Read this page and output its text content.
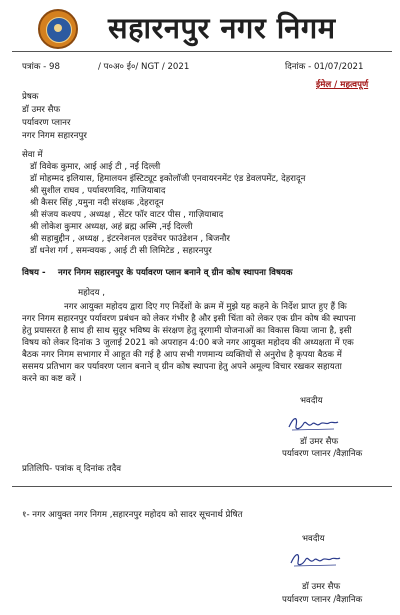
सहारनपुर नगर निगम
पत्रांक - 98	/ प०अ० ई०/ NGT / 2021	दिनांक - 01/07/2021
ईमेल / महत्वपूर्ण
प्रेषक
डॉ उमर सैफ
पर्यावरण प्लानर
नगर निगम सहारनपुर
सेवा में
डॉ विवेक कुमार, आई आई टी , नई दिल्ली
डॉ मोहम्मद इलियास, हिमालयन इंस्टिट्यूट इकोलॉजी एनवायरनमेंट एंड डेवलपमेंट, देहरादून
श्री सुशील राघव , पर्यावरणविद, गाजियाबाद
श्री कैसर सिंह ,यमुना नदी संरक्षक ,देहरादून
श्री संजय कश्यप , अध्यक्ष , सेंटर फॉर वाटर पीस , गाज़ियाबाद
श्री लोकेश कुमार अध्यक्ष, अहं ब्रह्म अस्मि ,नई दिल्ली
श्री सहाबुद्दीन , अध्यक्ष , इंटरनेशनल एडवेंचर फाउंडेशन , बिजनौर
डॉ धनेश गर्ग , समन्वयक , आई टी सी लिमिटेड , सहारनपुर
विषय - नगर निगम सहारनपुर के पर्यावरण प्लान बनाने व् ग्रीन कोष स्थापना विषयक
महोदय ,
नगर आयुक्त महोदय द्वारा दिए गए निर्देशों के क्रम में मुझे यह कहने के निर्देश प्राप्त हुए हैं कि
नगर निगम सहारनपुर पर्यावरण प्रबंधन को लेकर गंभीर है और इसी चिंता को लेकर एक ग्रीन कोष की स्थापना
हेतु प्रयासरत है साथ ही साथ सुदूर भविष्य के संरक्षण हेतु दूरगामी योजनाओं का विकास किया जाना है, इसी
विषय को लेकर दिनांक 3 जुलाई 2021 को अपराहन 4:00 बजे नगर आयुक्त महोदय की अध्यक्षता में एक
बैठक नगर निगम सभागार में आहूत की गई है आप सभी गणमान्य व्यक्तियों से अनुरोध है कृपया बैठक में
ससमय प्रतिभाग कर पर्यावरण प्लान बनाने व् ग्रीन कोष स्थापना हेतु अपने अमूल्य विचार रखकर सहायता
करने का कष्ट करें ।
भवदीय
डॉ उमर सैफ
पर्यावरण प्लानर /वैज्ञानिक
प्रतिलिपि- पत्रांक व् दिनांक तदैव
१- नगर आयुक्त नगर निगम ,सहारनपुर महोदय को सादर सूचनार्थ प्रेषित
भवदीय
डॉ उमर सैफ
पर्यावरण प्लानर /वैज्ञानिक
